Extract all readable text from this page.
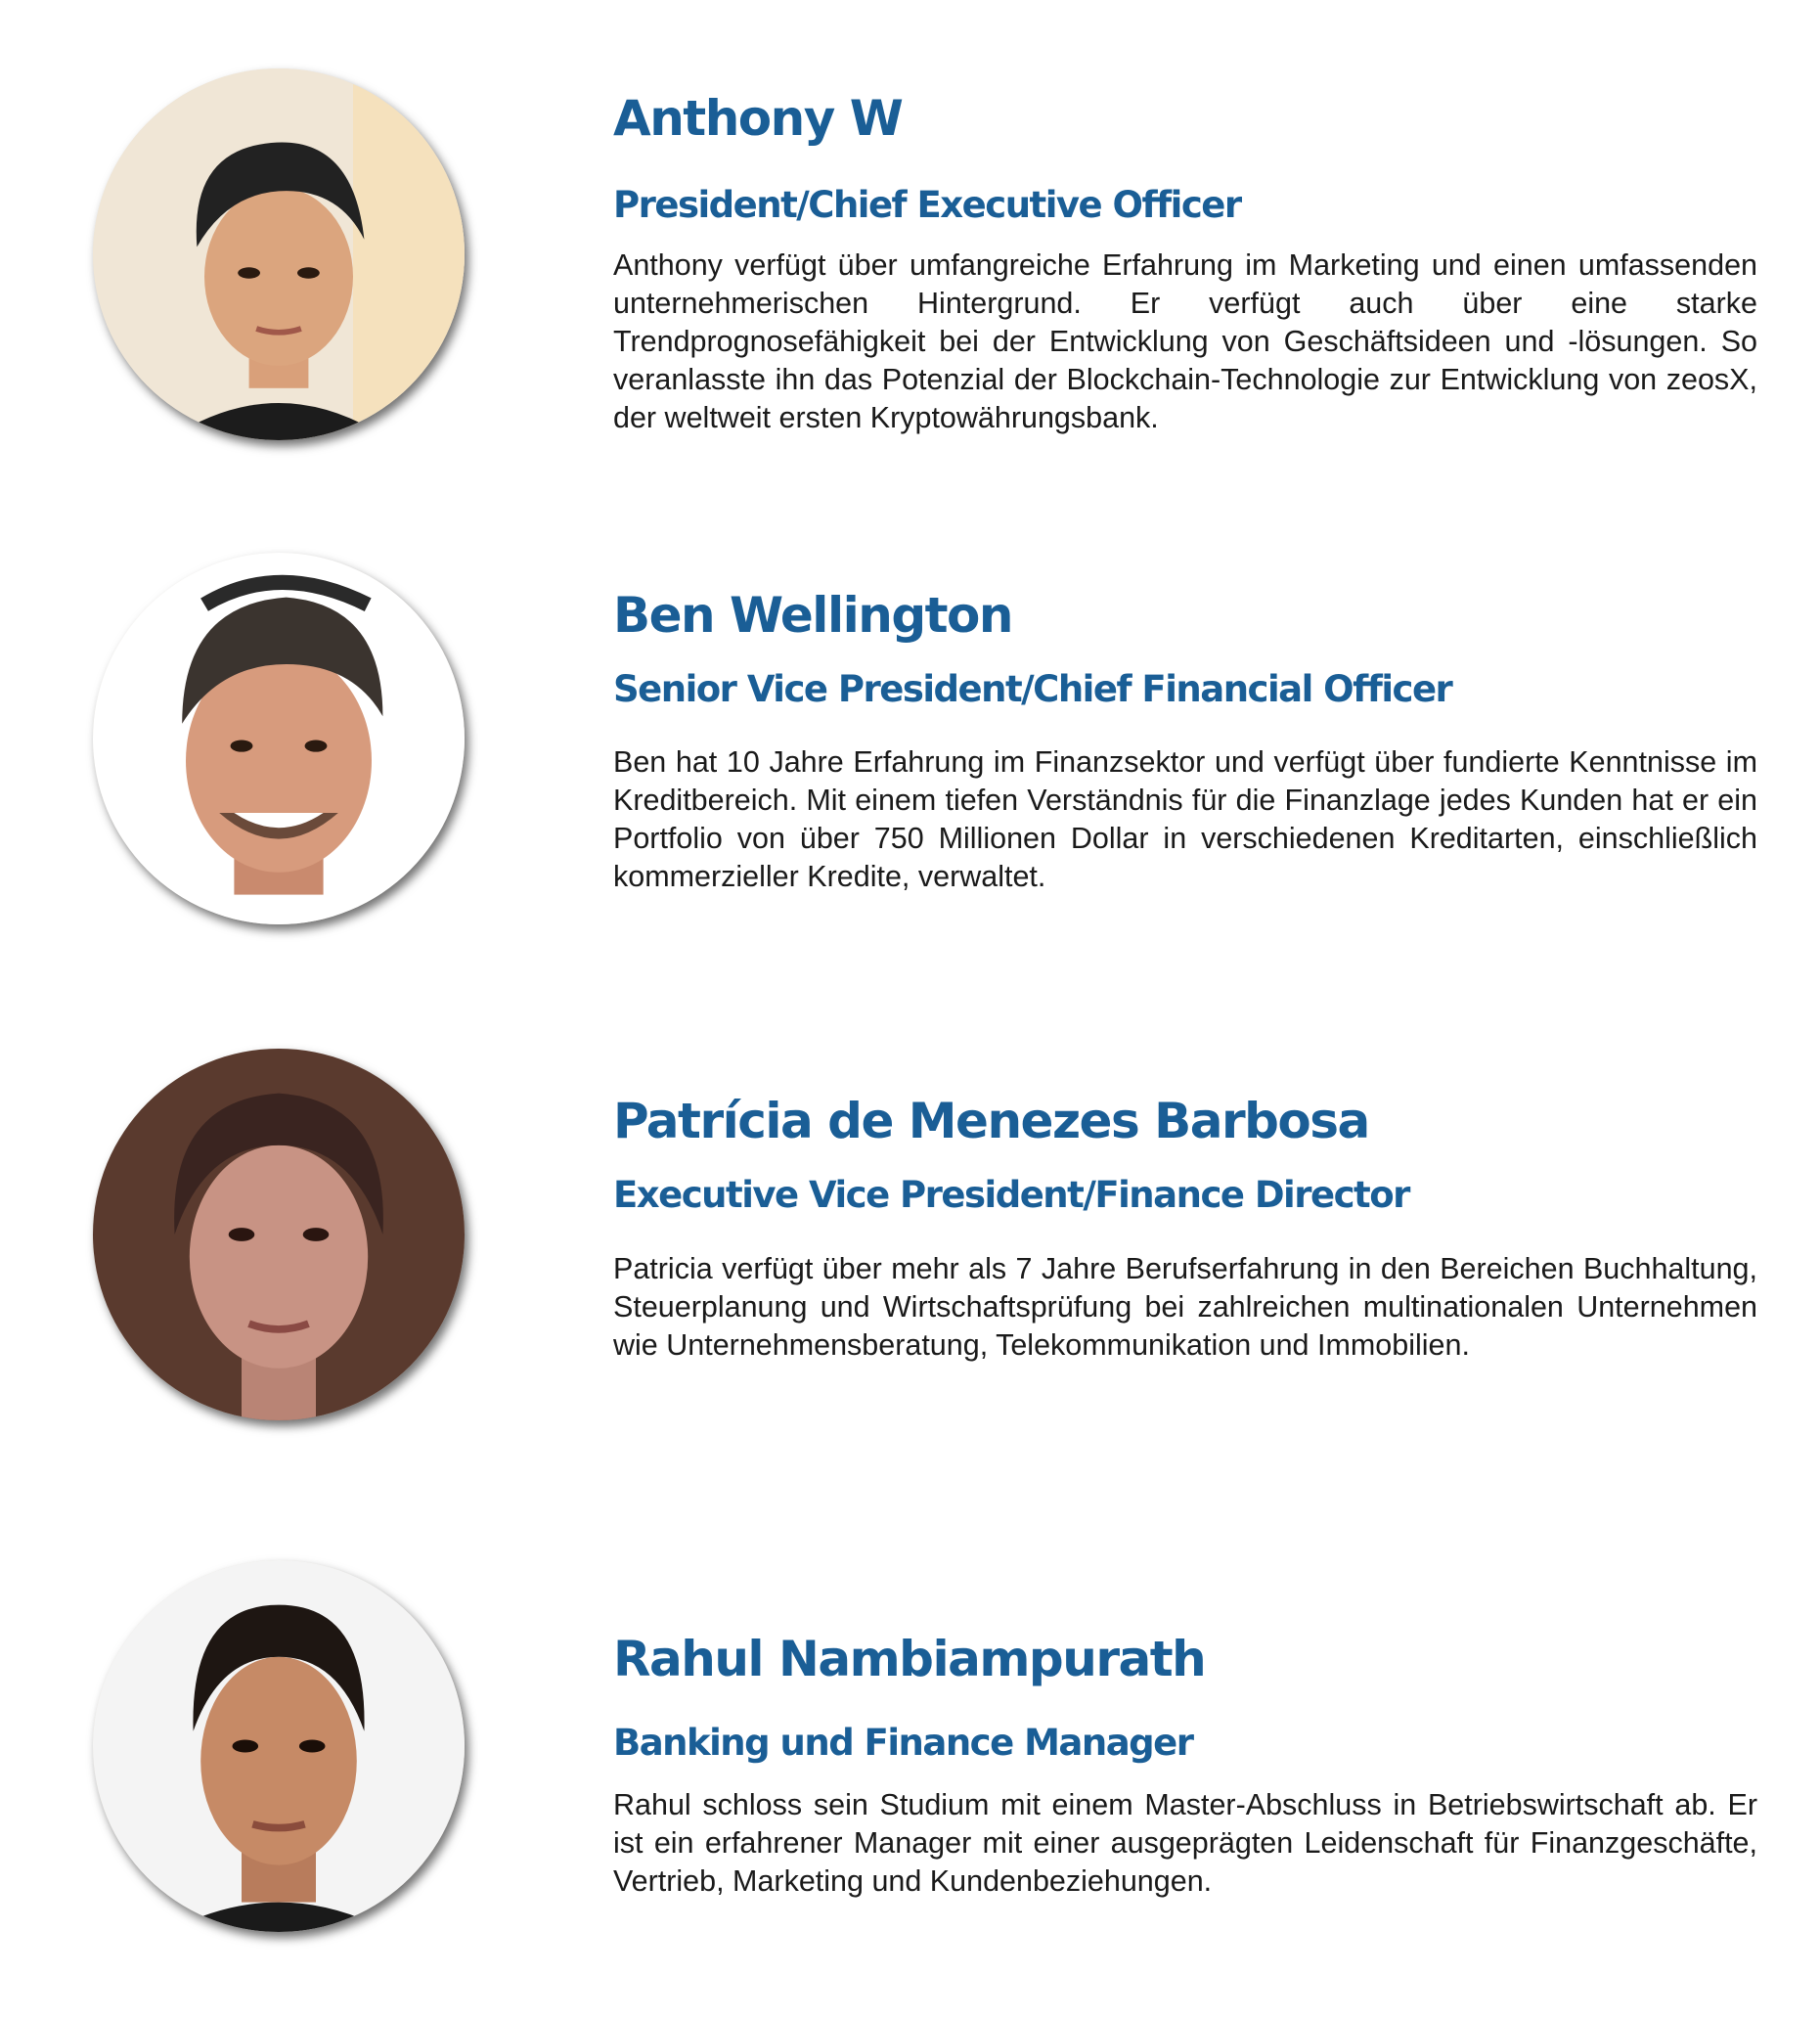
Anthony W
President/Chief Executive Officer

Anthony verfügt über umfangreiche Erfahrung im Marketing und einen umfassenden unternehmerischen Hintergrund. Er verfügt auch über eine starke Trendprognosefähigkeit bei der Entwicklung von Geschäftsideen und -lösungen. So veranlasste ihn das Potenzial der Blockchain-Technologie zur Entwicklung von zeosX, der weltweit ersten Kryptowährungsbank.

Ben Wellington
Senior Vice President/Chief Financial Officer

Ben hat 10 Jahre Erfahrung im Finanzsektor und verfügt über fundierte Kenntnisse im Kreditbereich. Mit einem tiefen Verständnis für die Finanzlage jedes Kunden hat er ein Portfolio von über 750 Millionen Dollar in verschiedenen Kreditarten, einschließlich kommerzieller Kredite, verwaltet.

Patrícia de Menezes Barbosa
Executive Vice President/Finance Director

Patricia verfügt über mehr als 7 Jahre Berufserfahrung in den Bereichen Buchhaltung, Steuerplanung und Wirtschaftsprüfung bei zahlreichen multinationalen Unternehmen wie Unternehmensberatung, Telekommunikation und Immobilien.

Rahul Nambiampurath
Banking und Finance Manager

Rahul schloss sein Studium mit einem Master-Abschluss in Betriebswirtschaft ab. Er ist ein erfahrener Manager mit einer ausgeprägten Leidenschaft für Finanzgeschäfte, Vertrieb, Marketing und Kundenbeziehungen.
